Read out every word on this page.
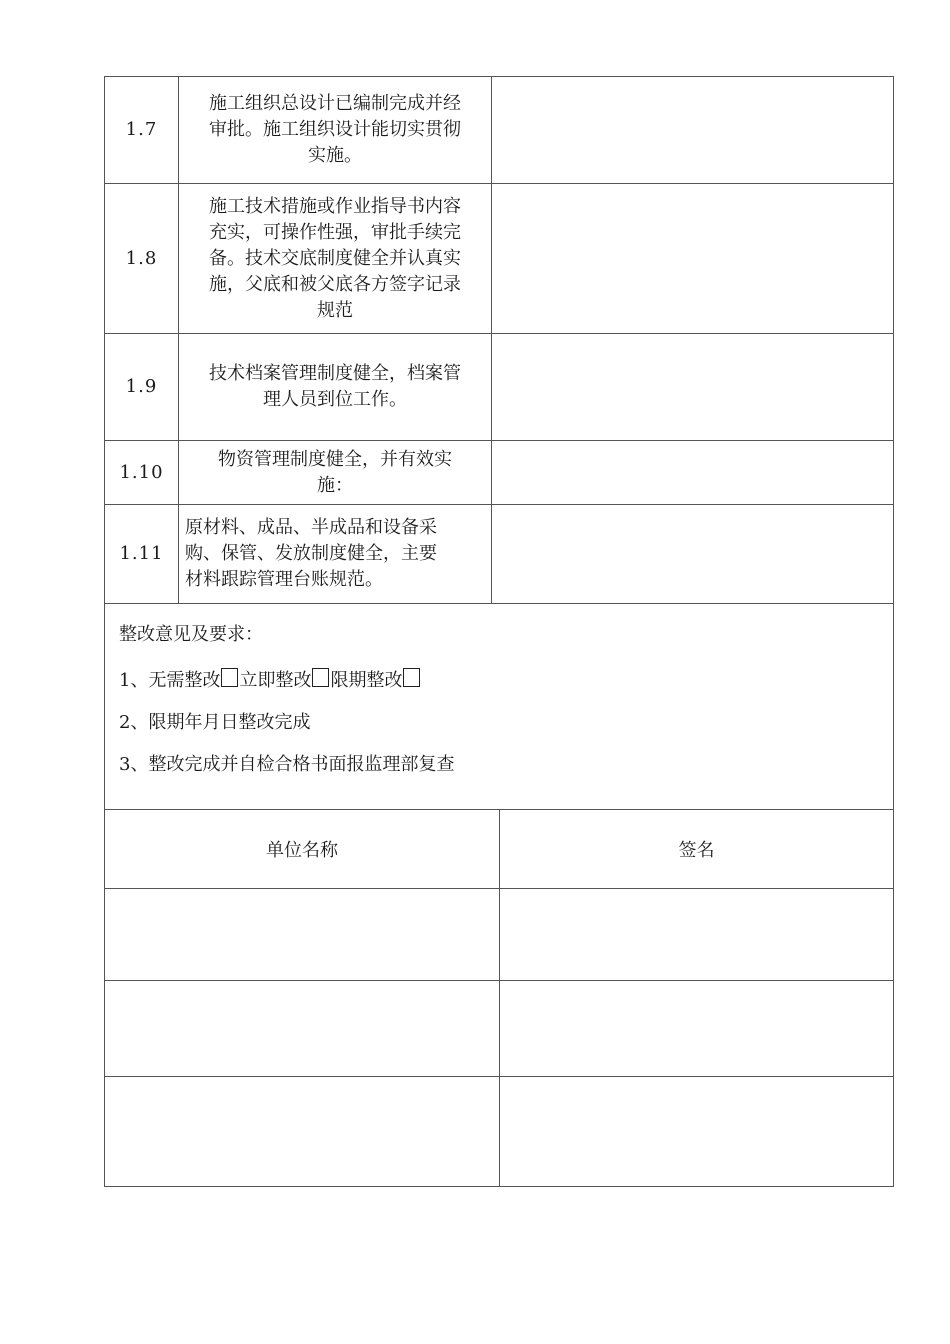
1.7	施工组织总设计已编制完成并经
审批。施工组织设计能切实贯彻
实施。	

1.8	施工技术措施或作业指导书内容
充实，可操作性强，审批手续完
备。技术交底制度健全并认真实
施，父底和被父底各方签字记录
规范	

1.9	技术档案管理制度健全，档案管
理人员到位工作。	

1.10	物资管理制度健全，并有效实
施：	

1.11	原材料、成品、半成品和设备采
购、保管、发放制度健全，主要
材料跟踪管理台账规范。	

整改意见及要求：
1、无需整改 立即整改 限期整改
2、限期年月日整改完成
3、整改完成并自检合格书面报监理部复查
单位名称	签名
